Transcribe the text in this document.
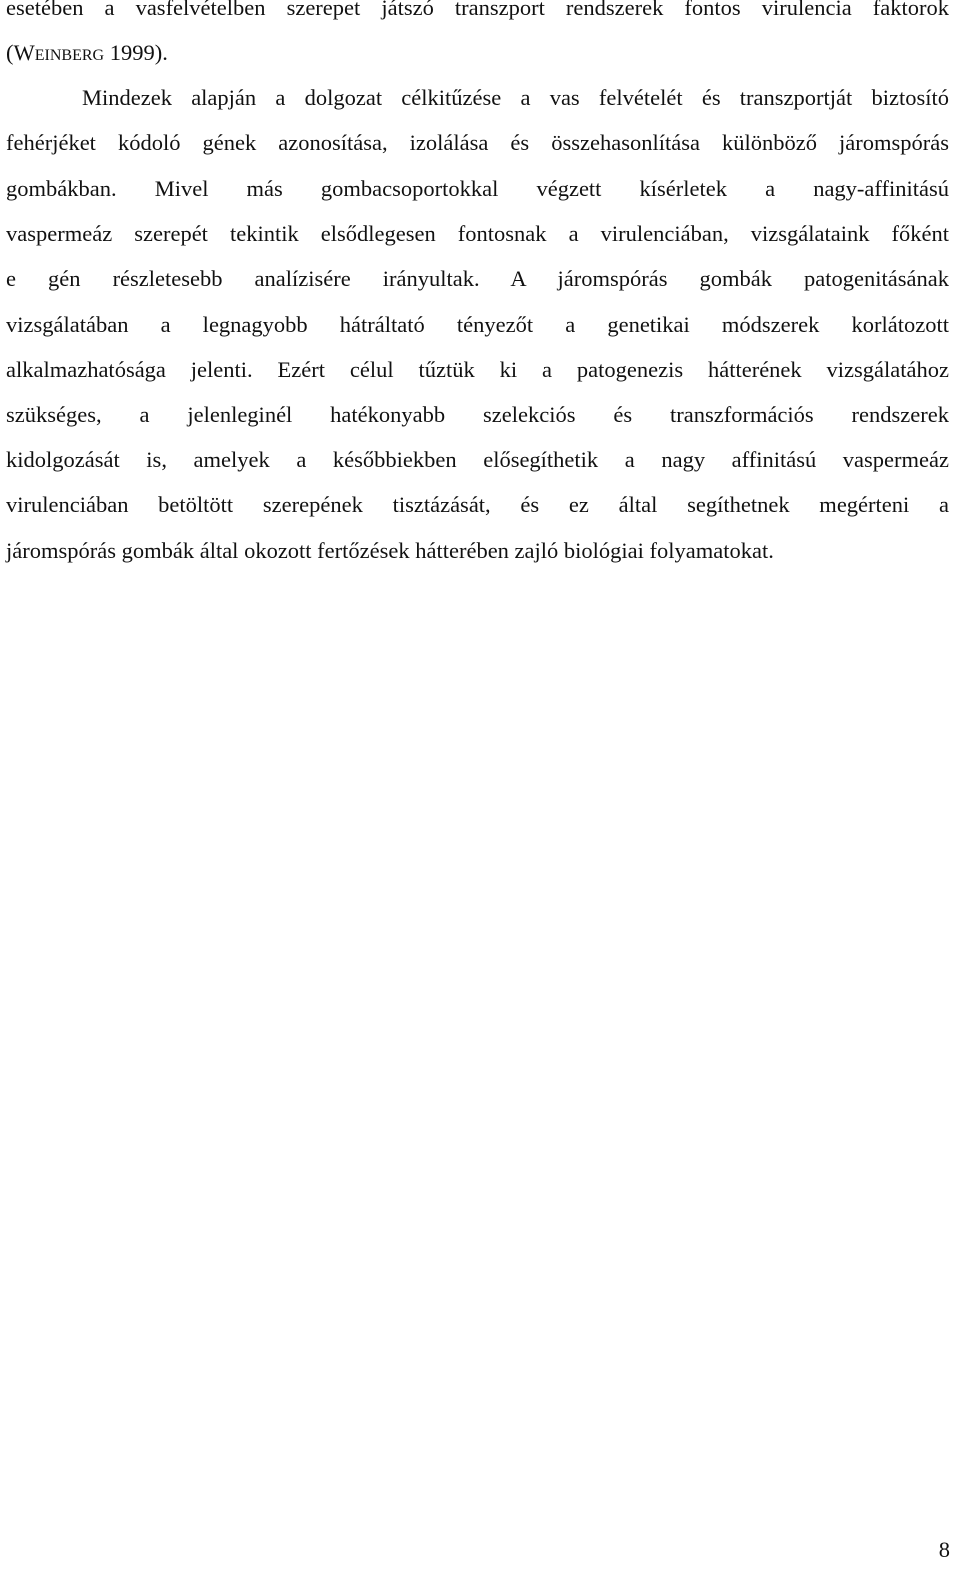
esetében a vasfelvételben szerepet játszó transzport rendszerek fontos virulencia faktorok
(Weinberg 1999).
Mindezek alapján a dolgozat célkitűzése a vas felvételét és transzportját biztosító
fehérjéket kódoló gének azonosítása, izolálása és összehasonlítása különböző járomspórás
gombákban. Mivel más gombacsoportokkal végzett kísérletek a nagy-affinitású
vaspermeáz szerepét tekintik elsődlegesen fontosnak a virulenciában, vizsgálataink főként
e gén részletesebb analízisére irányultak. A járomspórás gombák patogenitásának
vizsgálatában a legnagyobb hátráltató tényezőt a genetikai módszerek korlátozott
alkalmazhatósága jelenti. Ezért célul tűztük ki a patogenezis hátterének vizsgálatához
szükséges, a jelenleginél hatékonyabb szelekciós és transzformációs rendszerek
kidolgozását is, amelyek a későbbiekben elősegíthetik a nagy affinitású vaspermeáz
virulenciában betöltött szerepének tisztázását, és ez által segíthetnek megérteni a
járomspórás gombák által okozott fertőzések hátterében zajló biológiai folyamatokat.
8
